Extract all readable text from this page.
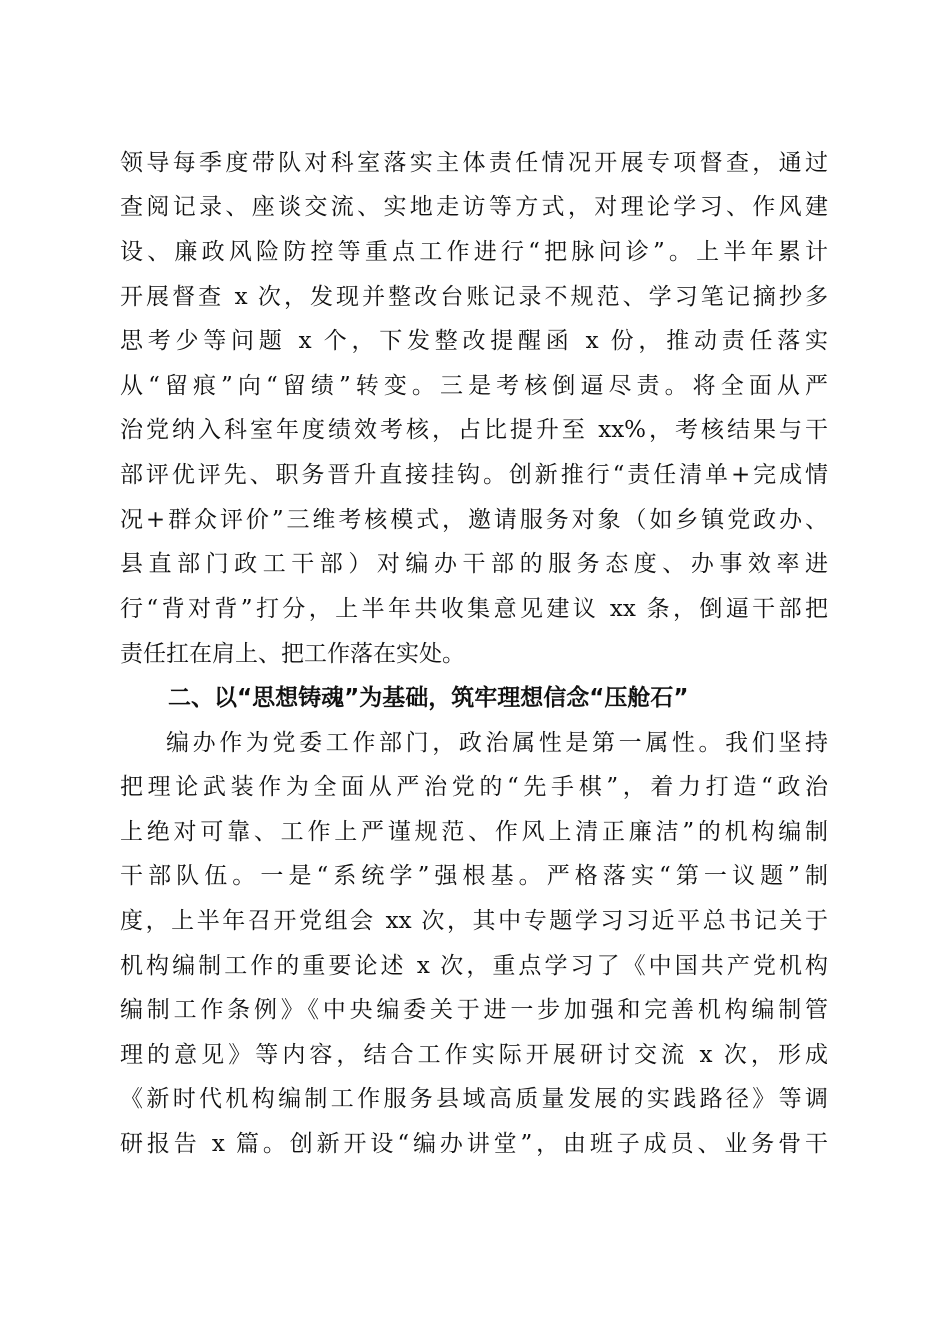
领导每季度带队对科室落实主体责任情况开展专项督查，通过
查阅记录、座谈交流、实地走访等方式，对理论学习、作风建
设、廉政风险防控等重点工作进行“把脉问诊”。上半年累计
开展督查 x 次，发现并整改台账记录不规范、学习笔记摘抄多
思考少等问题 x 个，下发整改提醒函 x 份，推动责任落实
从“留痕”向“留绩”转变。三是考核倒逼尽责。将全面从严
治党纳入科室年度绩效考核，占比提升至 xx%，考核结果与干
部评优评先、职务晋升直接挂钩。创新推行“责任清单+完成情
况+群众评价”三维考核模式，邀请服务对象（如乡镇党政办、
县直部门政工干部）对编办干部的服务态度、办事效率进
行“背对背”打分，上半年共收集意见建议 xx 条，倒逼干部把
责任扛在肩上、把工作落在实处。
二、以“思想铸魂”为基础，筑牢理想信念“压舱石”
编办作为党委工作部门，政治属性是第一属性。我们坚持
把理论武装作为全面从严治党的“先手棋”，着力打造“政治
上绝对可靠、工作上严谨规范、作风上清正廉洁”的机构编制
干部队伍。一是“系统学”强根基。严格落实“第一议题”制
度，上半年召开党组会 xx 次，其中专题学习习近平总书记关于
机构编制工作的重要论述 x 次，重点学习了《中国共产党机构
编制工作条例》《中央编委关于进一步加强和完善机构编制管
理的意见》等内容，结合工作实际开展研讨交流 x 次，形成
《新时代机构编制工作服务县域高质量发展的实践路径》等调
研报告 x 篇。创新开设“编办讲堂”，由班子成员、业务骨干
